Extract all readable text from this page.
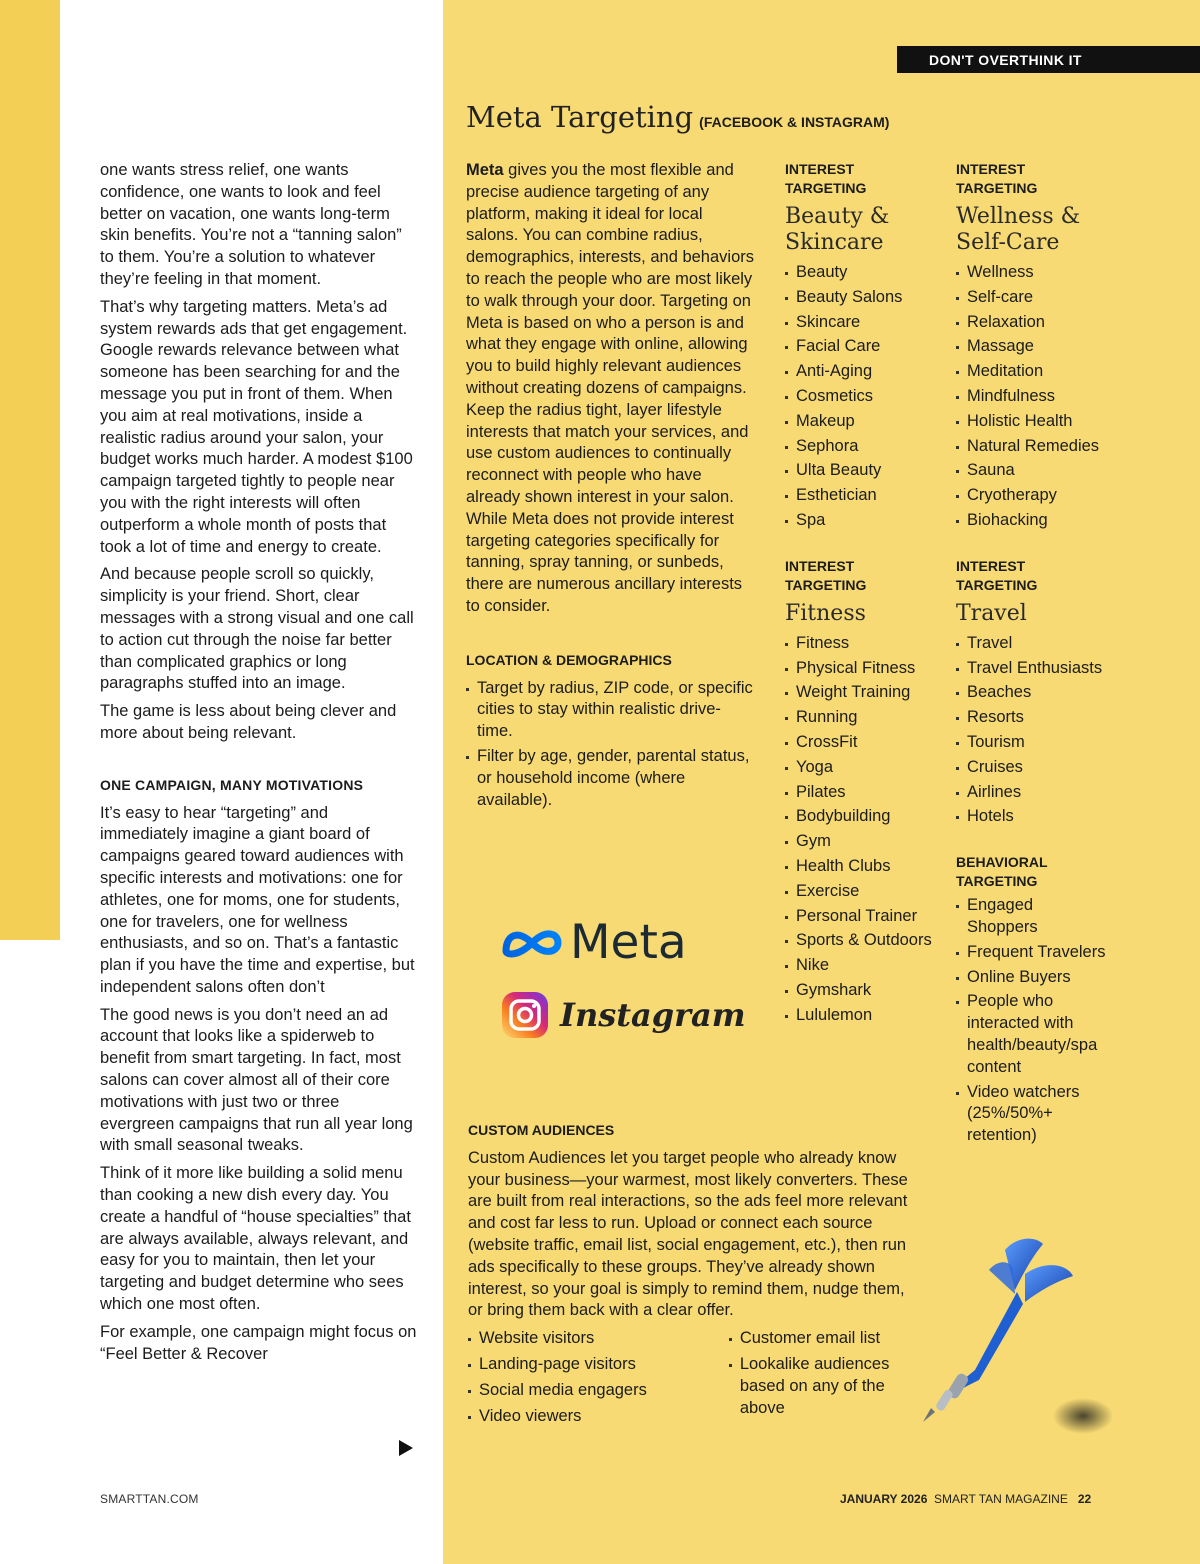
DON'T OVERTHINK IT
Meta Targeting (FACEBOOK & INSTAGRAM)

one wants stress relief, one wants confidence, one wants to look and feel better on vacation, one wants long-term skin benefits. You’re not a “tanning salon” to them. You’re a solution to whatever they’re feeling in that moment.

That’s why targeting matters. Meta’s ad system rewards ads that get engagement. Google rewards relevance between what someone has been searching for and the message you put in front of them. When you aim at real motivations, inside a realistic radius around your salon, your budget works much harder. A modest $100 campaign targeted tightly to people near you with the right interests will often outperform a whole month of posts that took a lot of time and energy to create.

And because people scroll so quickly, simplicity is your friend. Short, clear messages with a strong visual and one call to action cut through the noise far better than complicated graphics or long paragraphs stuffed into an image.

The game is less about being clever and more about being relevant.

ONE CAMPAIGN, MANY MOTIVATIONS

It’s easy to hear “targeting” and immediately imagine a giant board of campaigns geared toward audiences with specific interests and motivations: one for athletes, one for moms, one for students, one for travelers, one for wellness enthusiasts, and so on. That’s a fantastic plan if you have the time and expertise, but independent salons often don’t

The good news is you don’t need an ad account that looks like a spiderweb to benefit from smart targeting. In fact, most salons can cover almost all of their core motivations with just two or three evergreen campaigns that run all year long with small seasonal tweaks.

Think of it more like building a solid menu than cooking a new dish every day. You create a handful of “house specialties” that are always available, always relevant, and easy for you to maintain, then let your targeting and budget determine who sees which one most often.

For example, one campaign might focus on “Feel Better & Recover

Meta gives you the most flexible and precise audience targeting of any platform, making it ideal for local salons. You can combine radius, demographics, interests, and behaviors to reach the people who are most likely to walk through your door. Targeting on Meta is based on who a person is and what they engage with online, allowing you to build highly relevant audiences without creating dozens of campaigns. Keep the radius tight, layer lifestyle interests that match your services, and use custom audiences to continually reconnect with people who have already shown interest in your salon. While Meta does not provide interest targeting categories specifically for tanning, spray tanning, or sunbeds, there are numerous ancillary interests to consider.

LOCATION & DEMOGRAPHICS
Target by radius, ZIP code, or specific cities to stay within realistic drive-time.
Filter by age, gender, parental status, or household income (where available).
Meta
Instagram

INTEREST TARGETING

Beauty & Skincare

Beauty
Beauty Salons
Skincare
Facial Care
Anti-Aging
Cosmetics
Makeup
Sephora
Ulta Beauty
Esthetician
Spa

INTEREST TARGETING

Fitness

Fitness
Physical Fitness
Weight Training
Running
CrossFit
Yoga
Pilates
Bodybuilding
Gym
Health Clubs
Exercise
Personal Trainer
Sports & Outdoors
Nike
Gymshark
Lululemon

INTEREST TARGETING

Wellness & Self-Care

Wellness
Self-care
Relaxation
Massage
Meditation
Mindfulness
Holistic Health
Natural Remedies
Sauna
Cryotherapy
Biohacking

INTEREST TARGETING

Travel

Travel
Travel Enthusiasts
Beaches
Resorts
Tourism
Cruises
Airlines
Hotels

BEHAVIORAL TARGETING

Engaged Shoppers
Frequent Travelers
Online Buyers
People who interacted with health/beauty/spa content
Video watchers (25%/50%+ retention)
CUSTOM AUDIENCES

Custom Audiences let you target people who already know your business—your warmest, most likely converters. These are built from real interactions, so the ads feel more relevant and cost far less to run. Upload or connect each source (website traffic, email list, social engagement, etc.), then run ads specifically to these groups. They’ve already shown interest, so your goal is simply to remind them, nudge them, or bring them back with a clear offer.

Website visitors
Landing-page visitors
Social media engagers
Video viewers
Customer email list
Lookalike audiences based on any of the above
SMARTTAN.COM	JANUARY 2026 SMART TAN MAGAZINE 22
